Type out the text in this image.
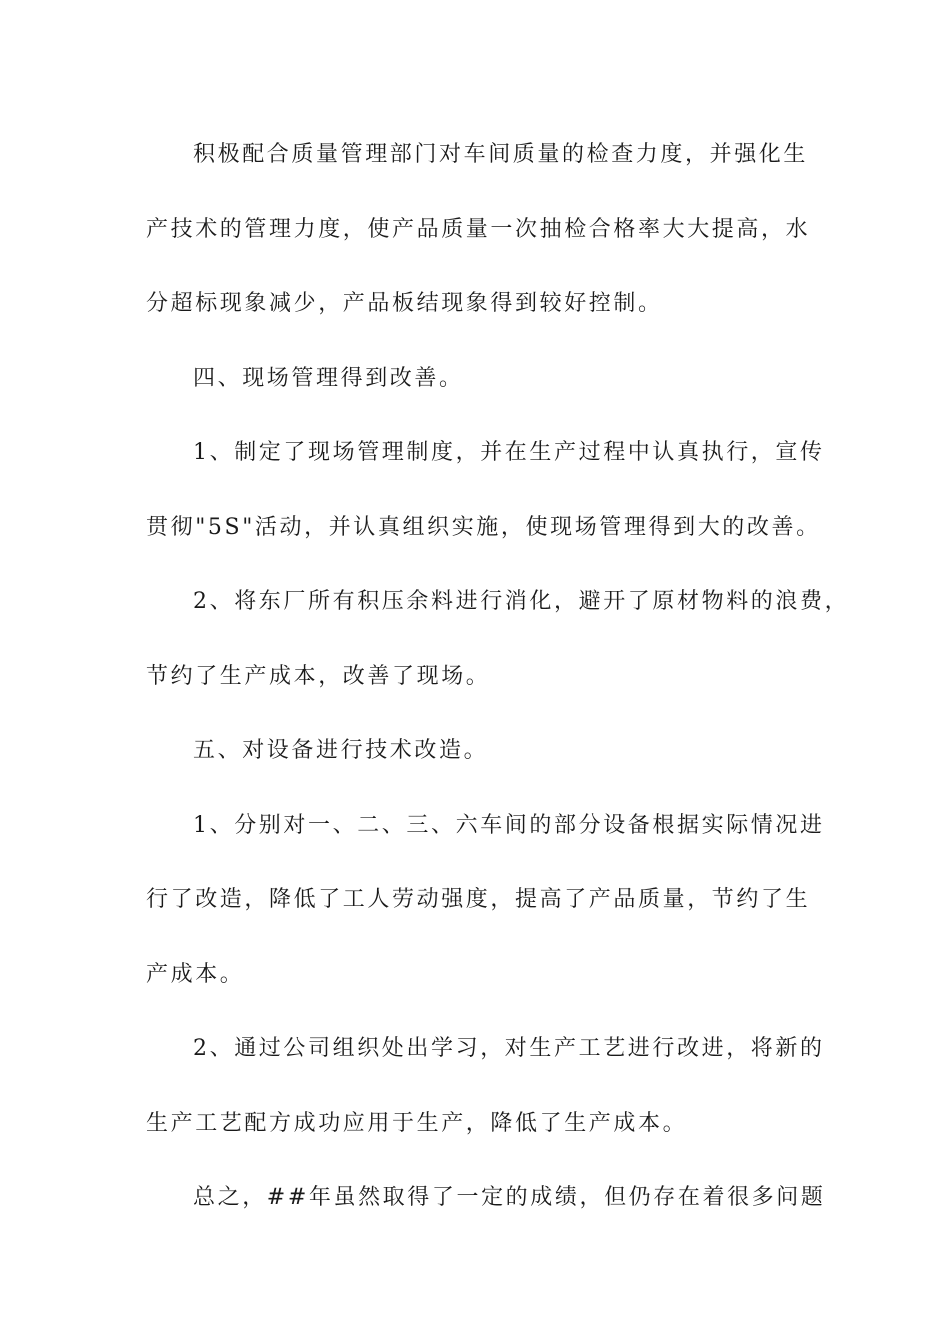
积极配合质量管理部门对车间质量的检查力度，并强化生
产技术的管理力度，使产品质量一次抽检合格率大大提高，水
分超标现象减少，产品板结现象得到较好控制。
四、现场管理得到改善。
1、制定了现场管理制度，并在生产过程中认真执行，宣传
贯彻"5S"活动，并认真组织实施，使现场管理得到大的改善。
2、将东厂所有积压余料进行消化，避开了原材物料的浪费，
节约了生产成本，改善了现场。
五、对设备进行技术改造。
1、分别对一、二、三、六车间的部分设备根据实际情况进
行了改造，降低了工人劳动强度，提高了产品质量，节约了生
产成本。
2、通过公司组织处出学习，对生产工艺进行改进，将新的
生产工艺配方成功应用于生产，降低了生产成本。
总之，##年虽然取得了一定的成绩，但仍存在着很多问题
